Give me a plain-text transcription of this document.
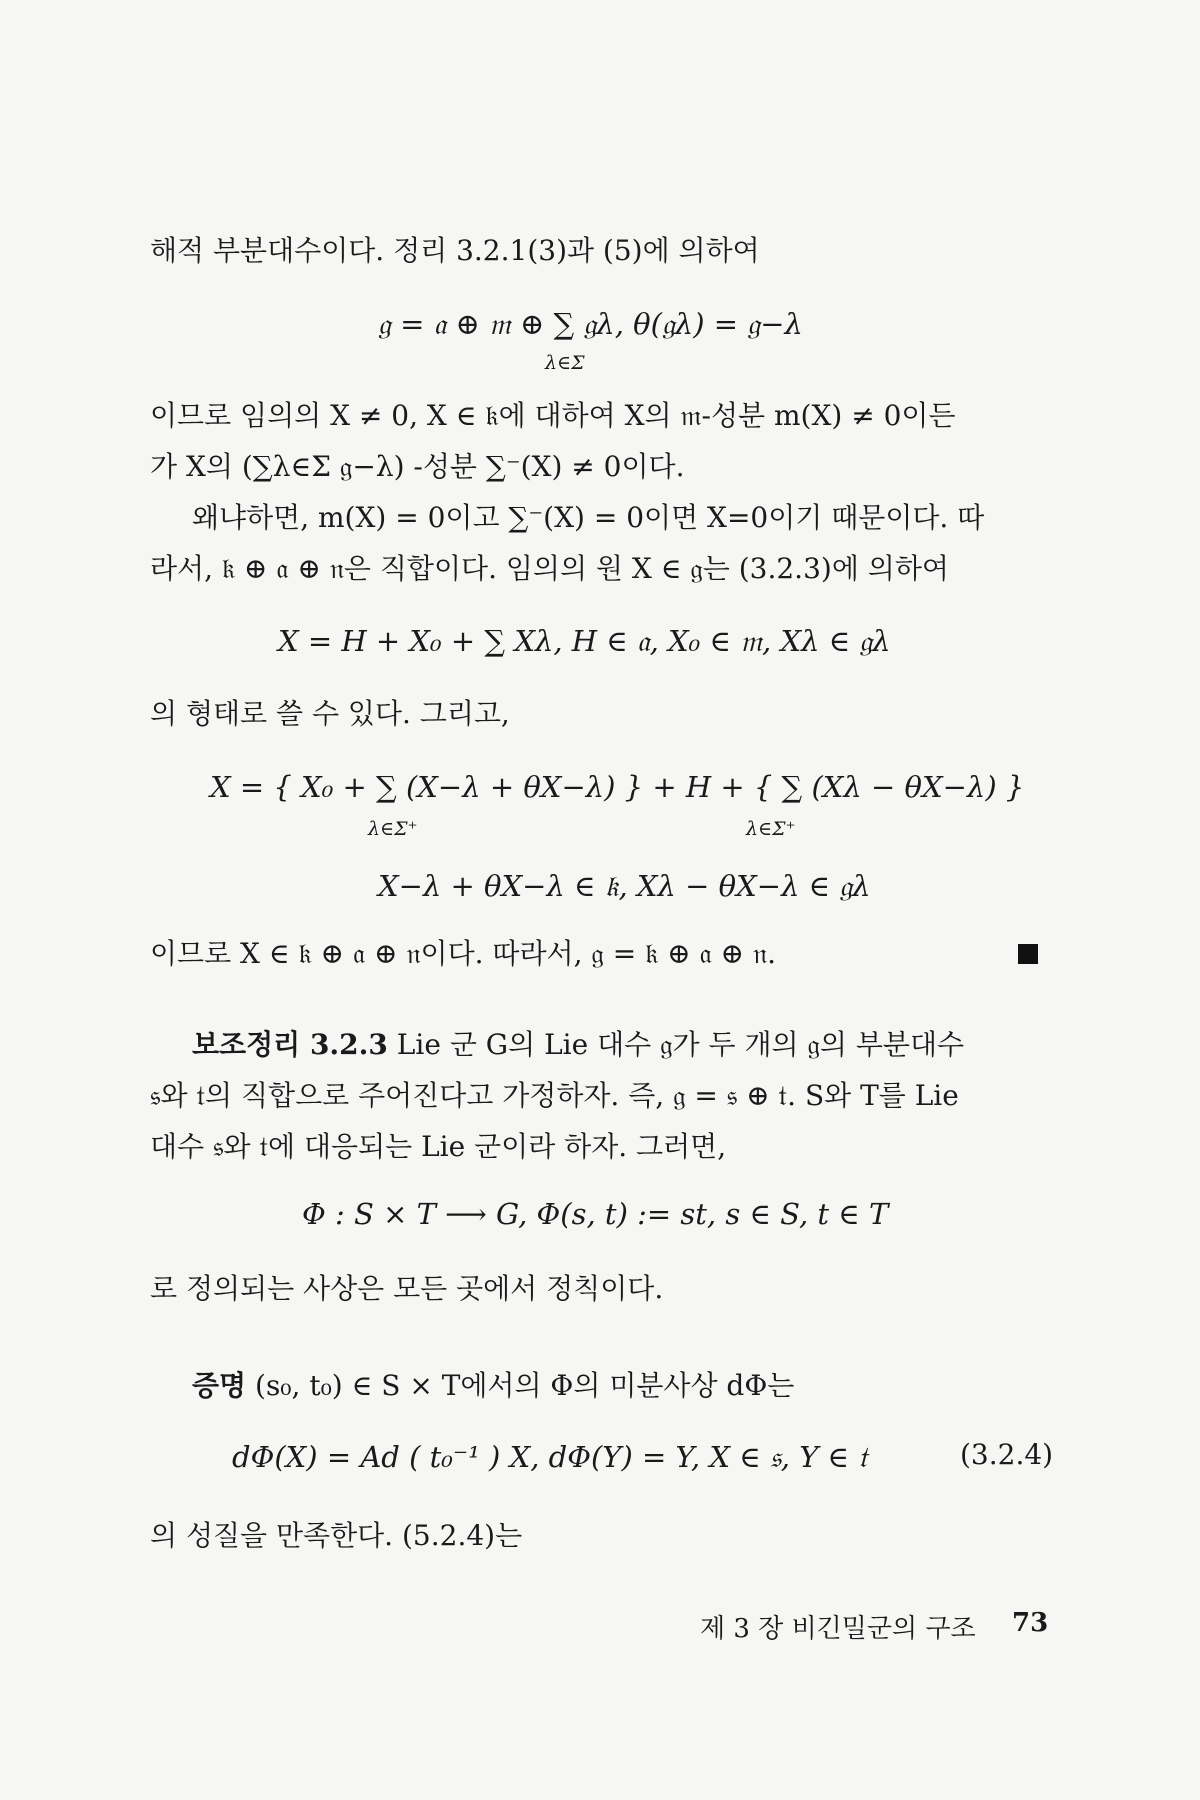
해적 부분대수이다. 정리 3.2.1(3)과 (5)에 의하여
𝔤 = 𝔞 ⊕ 𝔪 ⊕ ∑ 𝔤λ, θ(𝔤λ) = 𝔤−λ
λ∈Σ
이므로 임의의 X ≠ 0, X ∈ 𝔨에 대하여 X의 𝔪-성분 m(X) ≠ 0이든
가 X의 (∑λ∈Σ 𝔤−λ) -성분 ∑⁻(X) ≠ 0이다.
왜냐하면, m(X) = 0이고 ∑⁻(X) = 0이면 X=0이기 때문이다. 따
라서, 𝔨 ⊕ 𝔞 ⊕ 𝔫은 직합이다. 임의의 원 X ∈ 𝔤는 (3.2.3)에 의하여
X = H + X₀ + ∑ Xλ, H ∈ 𝔞, X₀ ∈ 𝔪, Xλ ∈ 𝔤λ
의 형태로 쓸 수 있다. 그리고,
X = { X₀ + ∑ (X−λ + θX−λ) } + H + { ∑ (Xλ − θX−λ) }
λ∈Σ⁺	λ∈Σ⁺
X−λ + θX−λ ∈ 𝔨, Xλ − θX−λ ∈ 𝔤λ
이므로 X ∈ 𝔨 ⊕ 𝔞 ⊕ 𝔫이다. 따라서, 𝔤 = 𝔨 ⊕ 𝔞 ⊕ 𝔫.
보조정리 3.2.3 Lie 군 G의 Lie 대수 𝔤가 두 개의 𝔤의 부분대수
𝔰와 𝔱의 직합으로 주어진다고 가정하자. 즉, 𝔤 = 𝔰 ⊕ 𝔱. S와 T를 Lie
대수 𝔰와 𝔱에 대응되는 Lie 군이라 하자. 그러면,
Φ : S × T ⟶ G, Φ(s, t) := st, s ∈ S, t ∈ T
로 정의되는 사상은 모든 곳에서 정칙이다.
증명 (s₀, t₀) ∈ S × T에서의 Φ의 미분사상 dΦ는
dΦ(X) = Ad ( t₀⁻¹ ) X, dΦ(Y) = Y, X ∈ 𝔰, Y ∈ 𝔱	(3.2.4)
의 성질을 만족한다. (5.2.4)는
제 3 장 비긴밀군의 구조 73
